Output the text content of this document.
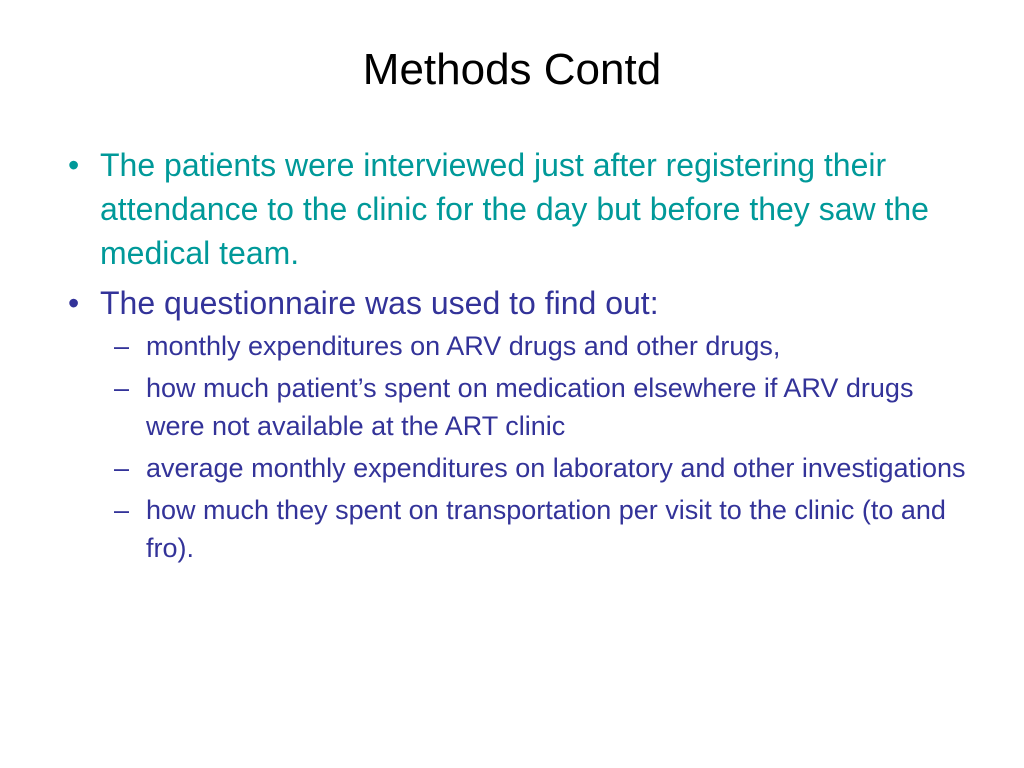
Methods Contd
• The patients were interviewed just after registering their attendance to the clinic for the day but before they saw the medical team.
• The questionnaire was used to find out:
– monthly expenditures on ARV drugs and other drugs,
– how much patient’s spent on medication elsewhere if ARV drugs were not available at the ART clinic
– average monthly expenditures on laboratory and other investigations
– how much they spent on transportation per visit to the clinic (to and fro).
